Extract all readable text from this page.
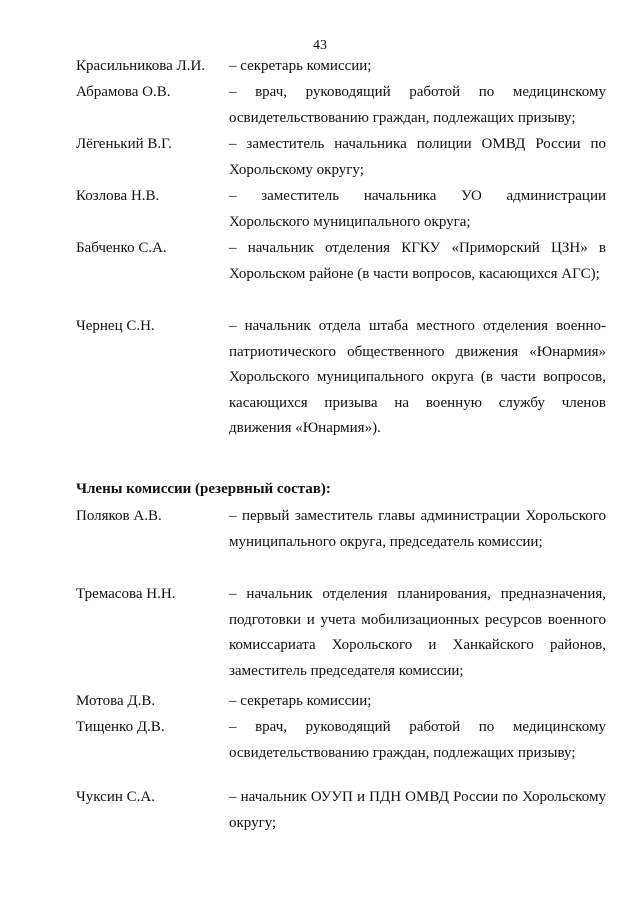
43
Красильникова Л.И.	– секретарь комиссии;
Абрамова О.В.	– врач, руководящий работой по медицинскому освидетельствованию граждан, подлежащих призыву;
Лёгенький В.Г.	– заместитель начальника полиции ОМВД России по Хорольскому округу;
Козлова Н.В.	– заместитель начальника УО администрации Хорольского муниципального округа;
Бабченко С.А.	– начальник отделения КГКУ «Приморский ЦЗН» в Хорольском районе (в части вопросов, касающихся АГС);
Чернец С.Н.	– начальник отдела штаба местного отделения военно-патриотического общественного движения «Юнармия» Хорольского муниципального округа (в части вопросов, касающихся призыва на военную службу членов движения «Юнармия»).
Члены комиссии (резервный состав):
Поляков А.В.	– первый заместитель главы администрации Хорольского муниципального округа, председатель комиссии;
Тремасова Н.Н.	– начальник отделения планирования, предназначения, подготовки и учета мобилизационных ресурсов военного комиссариата Хорольского и Ханкайского районов, заместитель председателя комиссии;
Мотова Д.В.	– секретарь комиссии;
Тищенко Д.В.	– врач, руководящий работой по медицинскому освидетельствованию граждан, подлежащих призыву;
Чуксин С.А.	– начальник ОУУП и ПДН ОМВД России по Хорольскому округу;
